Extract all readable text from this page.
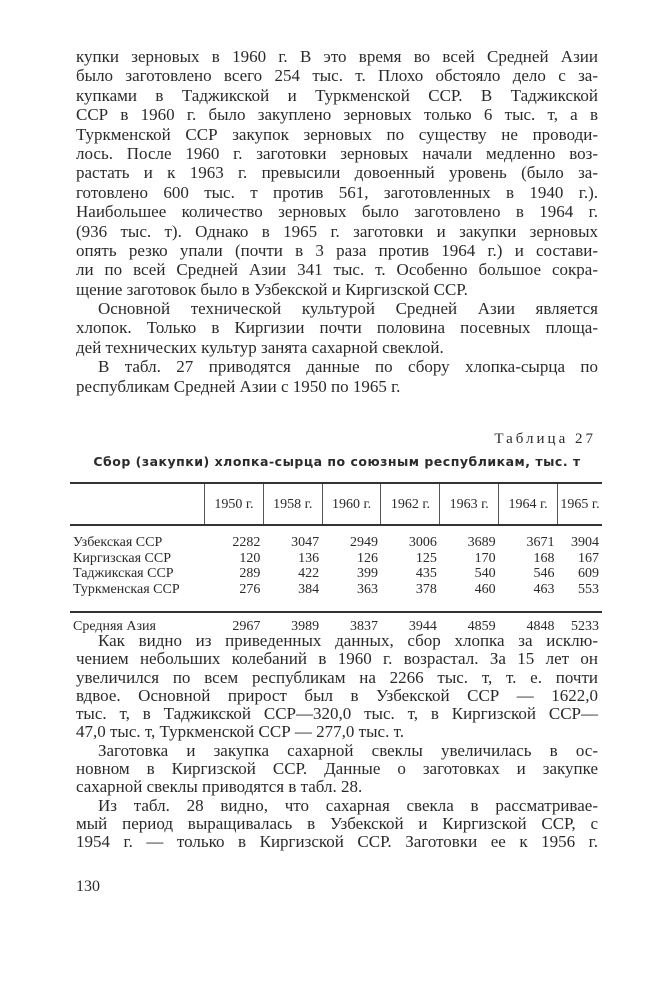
купки зерновых в 1960 г. В это время во всей Средней Азии
было заготовлено всего 254 тыс. т. Плохо обстояло дело с за-
купками в Таджикской и Туркменской ССР. В Таджикской
ССР в 1960 г. было закуплено зерновых только 6 тыс. т, а в
Туркменской ССР закупок зерновых по существу не проводи-
лось. После 1960 г. заготовки зерновых начали медленно воз-
растать и к 1963 г. превысили довоенный уровень (было за-
готовлено 600 тыс. т против 561, заготовленных в 1940 г.).
Наибольшее количество зерновых было заготовлено в 1964 г.
(936 тыс. т). Однако в 1965 г. заготовки и закупки зерновых
опять резко упали (почти в 3 раза против 1964 г.) и состави-
ли по всей Средней Азии 341 тыс. т. Особенно большое сокра-
щение заготовок было в Узбекской и Киргизской ССР.
Основной технической культурой Средней Азии является
хлопок. Только в Киргизии почти половина посевных площа-
дей технических культур занята сахарной свеклой.
В табл. 27 приводятся данные по сбору хлопка-сырца по
республикам Средней Азии с 1950 по 1965 г.
Таблица 27
Сбор (закупки) хлопка-сырца по союзным республикам, тыс. т
	1950 г.	1958 г.	1960 г.	1962 г.	1963 г.	1964 г.	1965 г.
Узбекская ССР	2282	3047	2949	3006	3689	3671	3904
Киргизская ССР	120	136	126	125	170	168	167
Таджикская ССР	289	422	399	435	540	546	609
Туркменская ССР	276	384	363	378	460	463	553
Средняя Азия	2967	3989	3837	3944	4859	4848	5233
Как видно из приведенных данных, сбор хлопка за исклю-
чением небольших колебаний в 1960 г. возрастал. За 15 лет он
увеличился по всем республикам на 2266 тыс. т, т. е. почти
вдвое. Основной прирост был в Узбекской ССР — 1622,0
тыс. т, в Таджикской ССР—320,0 тыс. т, в Киргизской ССР—
47,0 тыс. т, Туркменской ССР — 277,0 тыс. т.
Заготовка и закупка сахарной свеклы увеличилась в ос-
новном в Киргизской ССР. Данные о заготовках и закупке
сахарной свеклы приводятся в табл. 28.
Из табл. 28 видно, что сахарная свекла в рассматривае-
мый период выращивалась в Узбекской и Киргизской ССР, с
1954 г. — только в Киргизской ССР. Заготовки ее к 1956 г.
130
